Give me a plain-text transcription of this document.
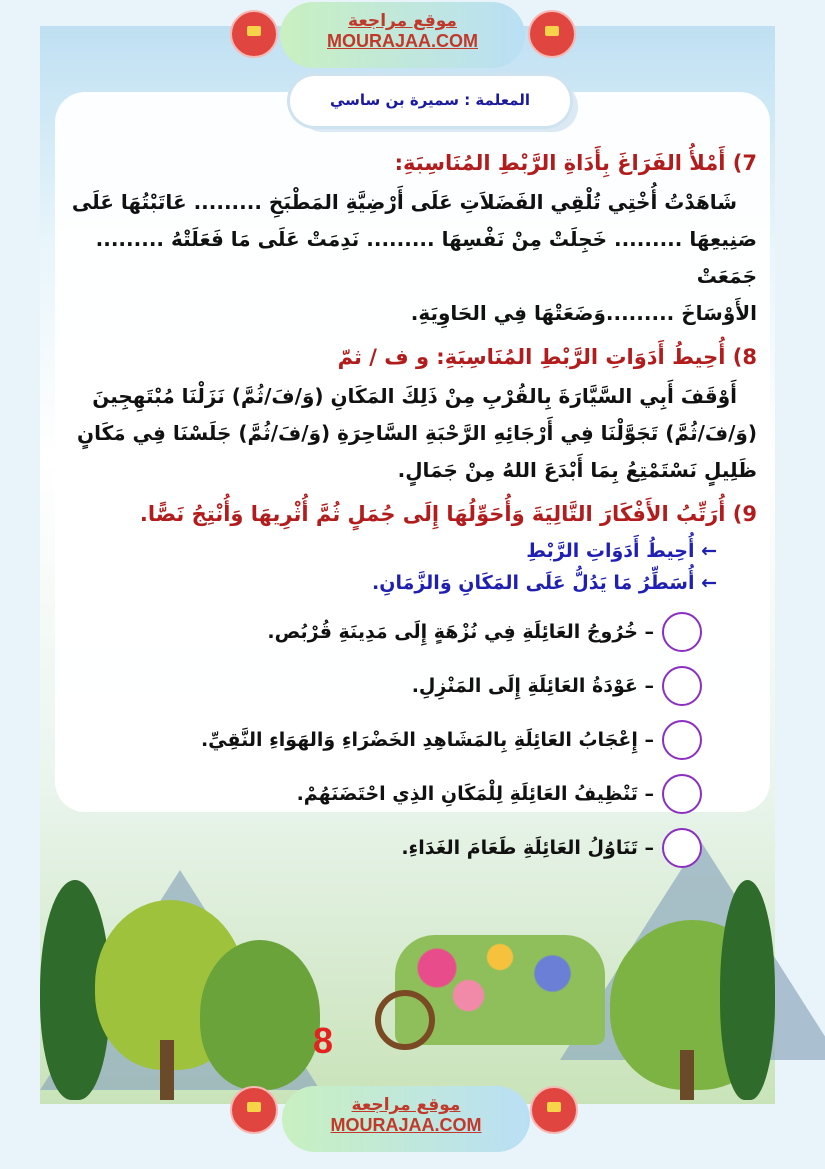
موقع مراجعة
MOURAJAA.COM
المعلمة : سميرة بن ساسي
7) أَمْلأُ الفَرَاغَ بِأَدَاةِ الرَّبْطِ المُنَاسِبَةِ:
شَاهَدْتُ أُخْتِي تُلْقِي الفَضَلاَتِ عَلَى أَرْضِيَّةِ المَطْبَخِ ......... عَاتَبْتُهَا عَلَى
صَنِيعِهَا ......... خَجِلَتْ مِنْ نَفْسِهَا ......... نَدِمَتْ عَلَى مَا فَعَلَتْهُ ......... جَمَعَتْ
الأَوْسَاخَ .........وَضَعَتْهَا فِي الحَاوِيَةِ.
8) أُحِيطُ أَدَوَاتِ الرَّبْطِ المُنَاسِبَةِ: و ف / ثمّ
أَوْقَفَ أَبِي السَّيَّارَةَ بِالقُرْبِ مِنْ ذَلِكَ المَكَانِ (وَ/فَ/ثُمَّ) نَزَلْنَا مُبْتَهِجِينَ
(وَ/فَ/ثُمَّ) تَجَوَّلْنَا فِي أَرْجَائِهِ الرَّحْبَةِ السَّاحِرَةِ (وَ/فَ/ثُمَّ) جَلَسْنَا فِي مَكَانٍ
ظَلِيلٍ نَسْتَمْتِعُ بِمَا أَبْدَعَ اللهُ مِنْ جَمَالٍ.
9) أُرَتِّبُ الأَفْكَارَ التَّالِيَةَ وَأُحَوِّلُهَا إِلَى جُمَلٍ ثُمَّ أُثْرِيهَا وَأُنْتِجُ نَصًّا.
← أُحِيطُ أَدَوَاتِ الرَّبْطِ
← أُسَطِّرُ مَا يَدُلُّ عَلَى المَكَانِ وَالزَّمَانِ.
– خُرُوجُ العَائِلَةِ فِي نُزْهَةٍ إِلَى مَدِينَةِ قُرْبُص.
– عَوْدَةُ العَائِلَةِ إِلَى المَنْزِلِ.
– إِعْجَابُ العَائِلَةِ بِالمَشَاهِدِ الخَضْرَاءِ وَالهَوَاءِ النَّقِيِّ.
– تَنْظِيفُ العَائِلَةِ لِلْمَكَانِ الذِي احْتَضَنَهُمْ.
– تَنَاوُلُ العَائِلَةِ طَعَامَ الغَدَاءِ.
8
موقع مراجعة
MOURAJAA.COM
